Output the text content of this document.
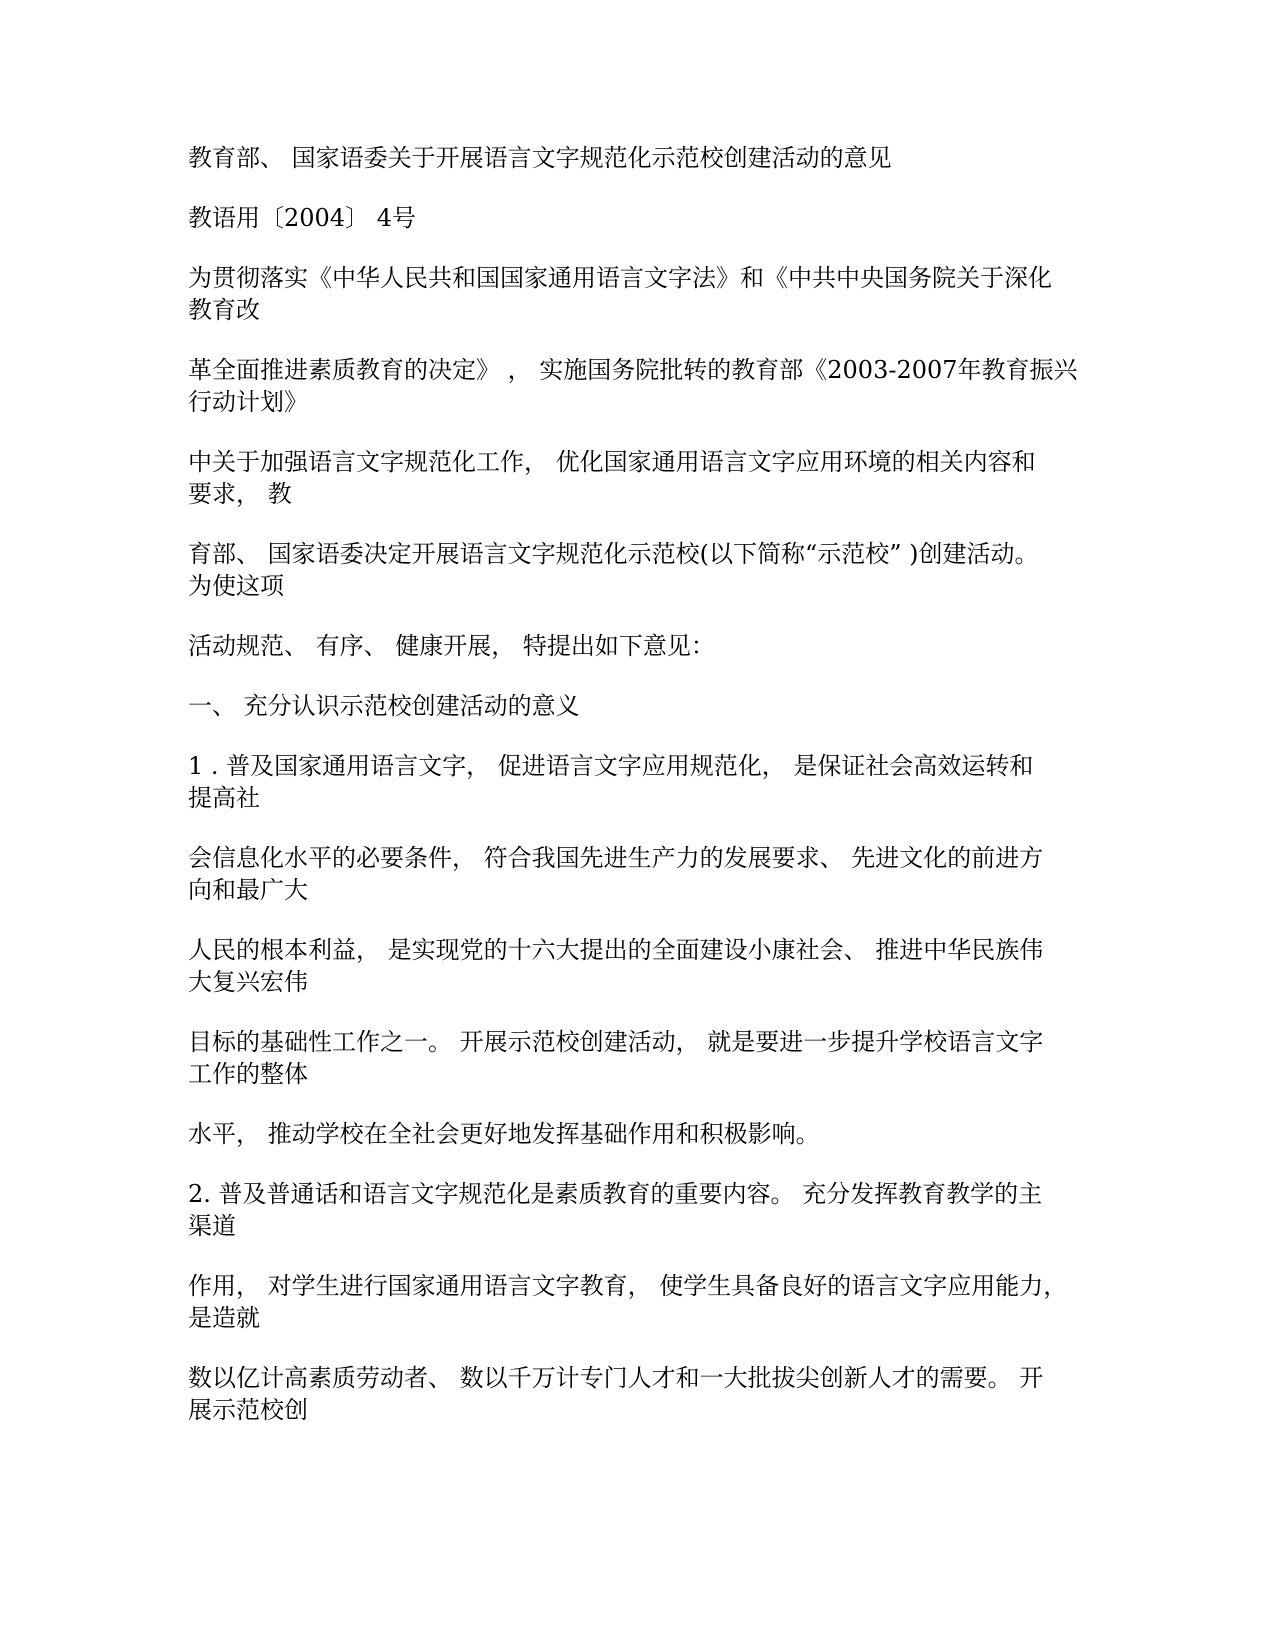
教育部、 国家语委关于开展语言文字规范化示范校创建活动的意见

教语用〔2004〕 4号

为贯彻落实《中华人民共和国国家通用语言文字法》和《中共中央国务院关于深化
教育改

革全面推进素质教育的决定》 ， 实施国务院批转的教育部《2003-2007年教育振兴
行动计划》

中关于加强语言文字规范化工作， 优化国家通用语言文字应用环境的相关内容和
要求， 教

育部、 国家语委决定开展语言文字规范化示范校(以下简称“示范校” )创建活动。
为使这项

活动规范、 有序、 健康开展， 特提出如下意见：

一、 充分认识示范校创建活动的意义

1 . 普及国家通用语言文字， 促进语言文字应用规范化， 是保证社会高效运转和
提高社

会信息化水平的必要条件， 符合我国先进生产力的发展要求、 先进文化的前进方
向和最广大

人民的根本利益， 是实现党的十六大提出的全面建设小康社会、 推进中华民族伟
大复兴宏伟

目标的基础性工作之一。 开展示范校创建活动， 就是要进一步提升学校语言文字
工作的整体

水平， 推动学校在全社会更好地发挥基础作用和积极影响。

2. 普及普通话和语言文字规范化是素质教育的重要内容。 充分发挥教育教学的主
渠道

作用， 对学生进行国家通用语言文字教育， 使学生具备良好的语言文字应用能力，
是造就

数以亿计高素质劳动者、 数以千万计专门人才和一大批拔尖创新人才的需要。 开
展示范校创
